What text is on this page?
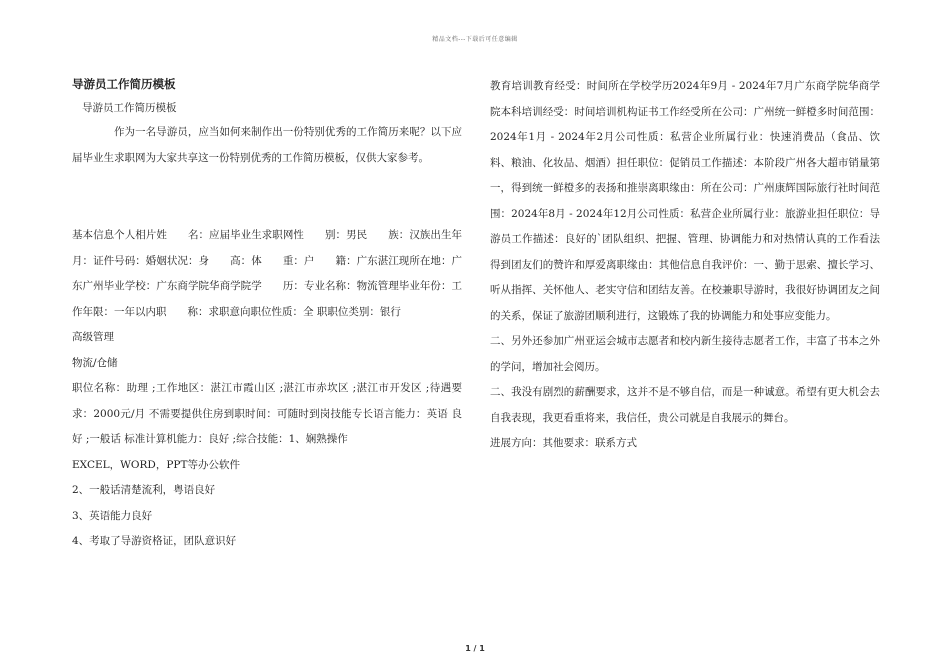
精品文档---下载后可任意编辑
导游员工作简历模板
导游员工作简历模板

作为一名导游员，应当如何来制作出一份特别优秀的工作简历来呢？以下应届毕业生求职网为大家共享这一份特别优秀的工作简历模板，仅供大家参考。

基本信息个人相片姓　　名：应届毕业生求职网性　　别：男民　　族：汉族出生年月：证件号码：婚姻状况：身　　高：体　　重：户　　籍：广东湛江现所在地：广东广州毕业学校：广东商学院华商学院学　　历：专业名称：物流管理毕业年份：工作年限：一年以内职　　称：求职意向职位性质：全 职职位类别：银行

高级管理

物流/仓储

职位名称：助理 ;工作地区：湛江市霞山区 ;湛江市赤坎区 ;湛江市开发区 ;待遇要求：2000元/月 不需要提供住房到职时间：可随时到岗技能专长语言能力：英语 良好 ;一般话 标准计算机能力：良好 ;综合技能：1、娴熟操作

EXCEL，WORD，PPT等办公软件

2、一般话清楚流利，粤语良好

3、英语能力良好

4、考取了导游资格证，团队意识好

教育培训教育经受：时间所在学校学历2024年9月 - 2024年7月广东商学院华商学院本科培训经受：时间培训机构证书工作经受所在公司：广州统一鲜橙多时间范围：2024年1月 - 2024年2月公司性质：私营企业所属行业：快速消费品（食品、饮料、粮油、化妆品、烟酒）担任职位：促销员工作描述：本阶段广州各大超市销量第一，得到统一鲜橙多的表扬和推崇离职缘由：所在公司：广州康辉国际旅行社时间范围：2024年8月 - 2024年12月公司性质：私营企业所属行业：旅游业担任职位：导游员工作描述：良好的`团队组织、把握、管理、协调能力和对热情认真的工作看法得到团友们的赞许和厚爱离职缘由：其他信息自我评价：一、勤于思索、擅长学习、听从指挥、关怀他人、老实守信和团结友善。在校兼职导游时，我很好协调团友之间的关系，保证了旅游团顺利进行，这锻炼了我的协调能力和处事应变能力。

二、另外还参加广州亚运会城市志愿者和校内新生接待志愿者工作，丰富了书本之外的学问，增加社会阅历。

二、我没有剧烈的薪酬要求，这并不是不够自信，而是一种诚意。希望有更大机会去自我表现，我更看重将来，我信任，贵公司就是自我展示的舞台。

进展方向：其他要求：联系方式

1 / 1
